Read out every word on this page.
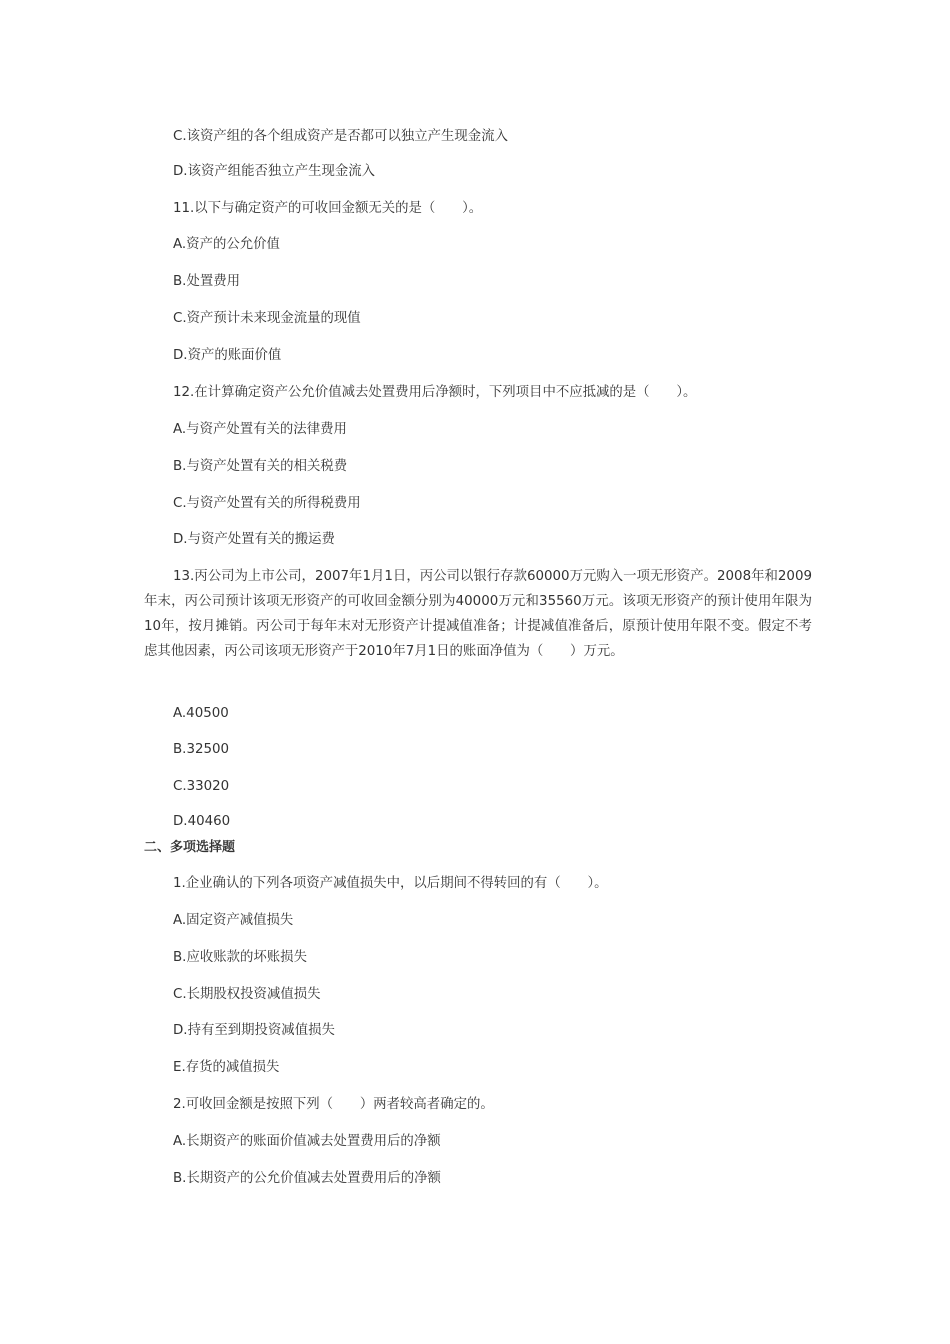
C.该资产组的各个组成资产是否都可以独立产生现金流入

D.该资产组能否独立产生现金流入

11.以下与确定资产的可收回金额无关的是（　　）。

A.资产的公允价值

B.处置费用

C.资产预计未来现金流量的现值

D.资产的账面价值

12.在计算确定资产公允价值减去处置费用后净额时，下列项目中不应抵减的是（　　）。

A.与资产处置有关的法律费用

B.与资产处置有关的相关税费

C.与资产处置有关的所得税费用

D.与资产处置有关的搬运费

13.丙公司为上市公司，2007年1月1日，丙公司以银行存款60000万元购入一项无形资产。2008年和2009年末，丙公司预计该项无形资产的可收回金额分别为40000万元和35560万元。该项无形资产的预计使用年限为10年，按月摊销。丙公司于每年末对无形资产计提减值准备；计提减值准备后，原预计使用年限不变。假定不考虑其他因素，丙公司该项无形资产于2010年7月1日的账面净值为（　　）万元。

A.40500

B.32500

C.33020

D.40460

二、多项选择题

1.企业确认的下列各项资产减值损失中，以后期间不得转回的有（　　）。

A.固定资产减值损失

B.应收账款的坏账损失

C.长期股权投资减值损失

D.持有至到期投资减值损失

E.存货的减值损失

2.可收回金额是按照下列（　　）两者较高者确定的。

A.长期资产的账面价值减去处置费用后的净额

B.长期资产的公允价值减去处置费用后的净额
